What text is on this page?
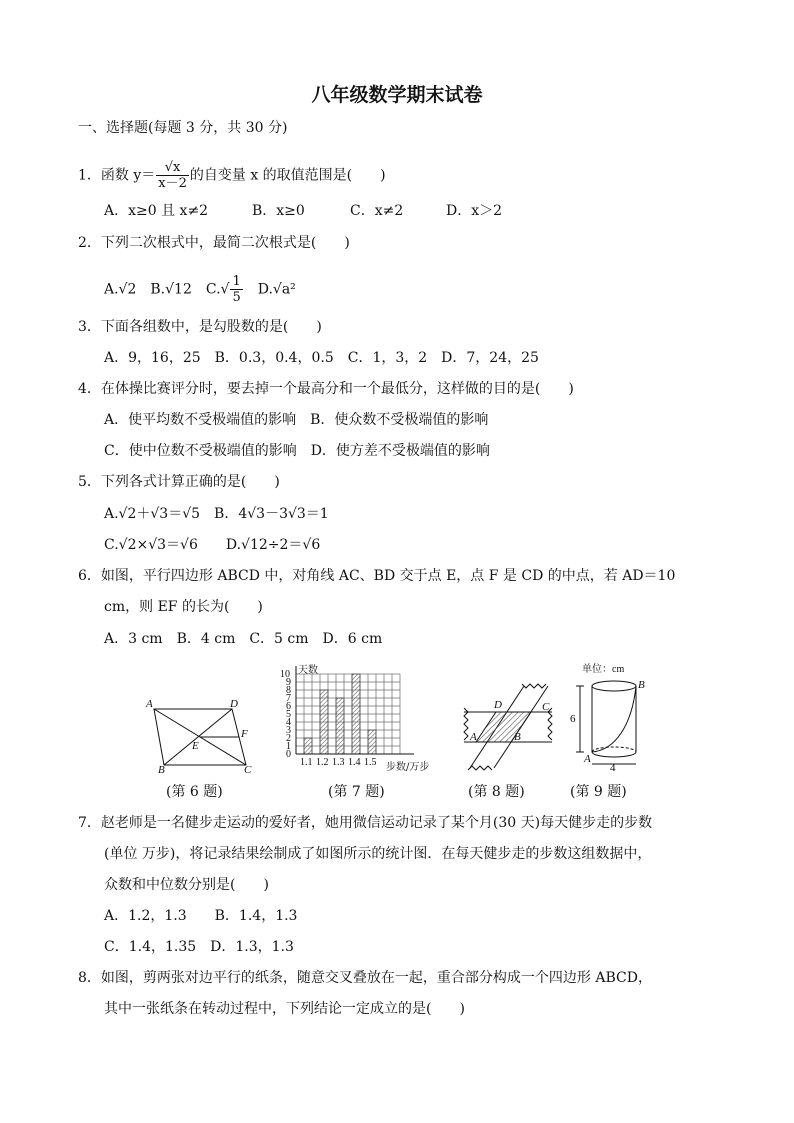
八年级数学期末试卷
一、选择题(每题 3 分，共 30 分)
1．函数 $y= \frac{√x}{x-2}$ 的自变量 x 的取值范围是(　　)
A．x≥0 且 x≠2	B．x≥0	C．x≠2	D．x＞2
2．下列二次根式中，最简二次根式是(　　)
A.√2　B.√12　$C.√ \frac{1}{5}$ 　D.√a²
3．下面各组数中，是勾股数的是(　　)
A．9，16，25　B．0.3，0.4，0.5　C．1，3，2　D．7，24，25
4．在体操比赛评分时，要去掉一个最高分和一个最低分，这样做的目的是(　　)
A．使平均数不受极端值的影响　B．使众数不受极端值的影响
C．使中位数不受极端值的影响　D．使方差不受极端值的影响
5．下列各式计算正确的是(　　)
A.√2＋√3＝√5　B．4√3－3√3＝1
C.√2×√3＝√6　　D.√12÷2＝√6
6．如图，平行四边形 ABCD 中，对角线 AC、BD 交于点 E，点 F 是 CD 的中点，若 AD＝10
cm，则 EF 的长为(　　)
A．3 cm　B．4 cm　C．5 cm　D．6 cm
A	D
B	C
E
F
(第 6 题)
1.1 1.2 1.3 1.4 1.5
0
1
2
3
4
5
6
7
8
9
10 天数
步数/万步
(第 7 题)
D	C
A	B
(第 8 题)
单位：cm
6
4
A
B
(第 9 题)
7．赵老师是一名健步走运动的爱好者，她用微信运动记录了某个月(30 天)每天健步走的步数
(单位 万步)，将记录结果绘制成了如图所示的统计图．在每天健步走的步数这组数据中，
众数和中位数分别是(　　)
A．1.2，1.3　　B．1.4，1.3
C．1.4，1.35　D．1.3，1.3
8．如图，剪两张对边平行的纸条，随意交叉叠放在一起，重合部分构成一个四边形 ABCD，
其中一张纸条在转动过程中，下列结论一定成立的是(　　)
